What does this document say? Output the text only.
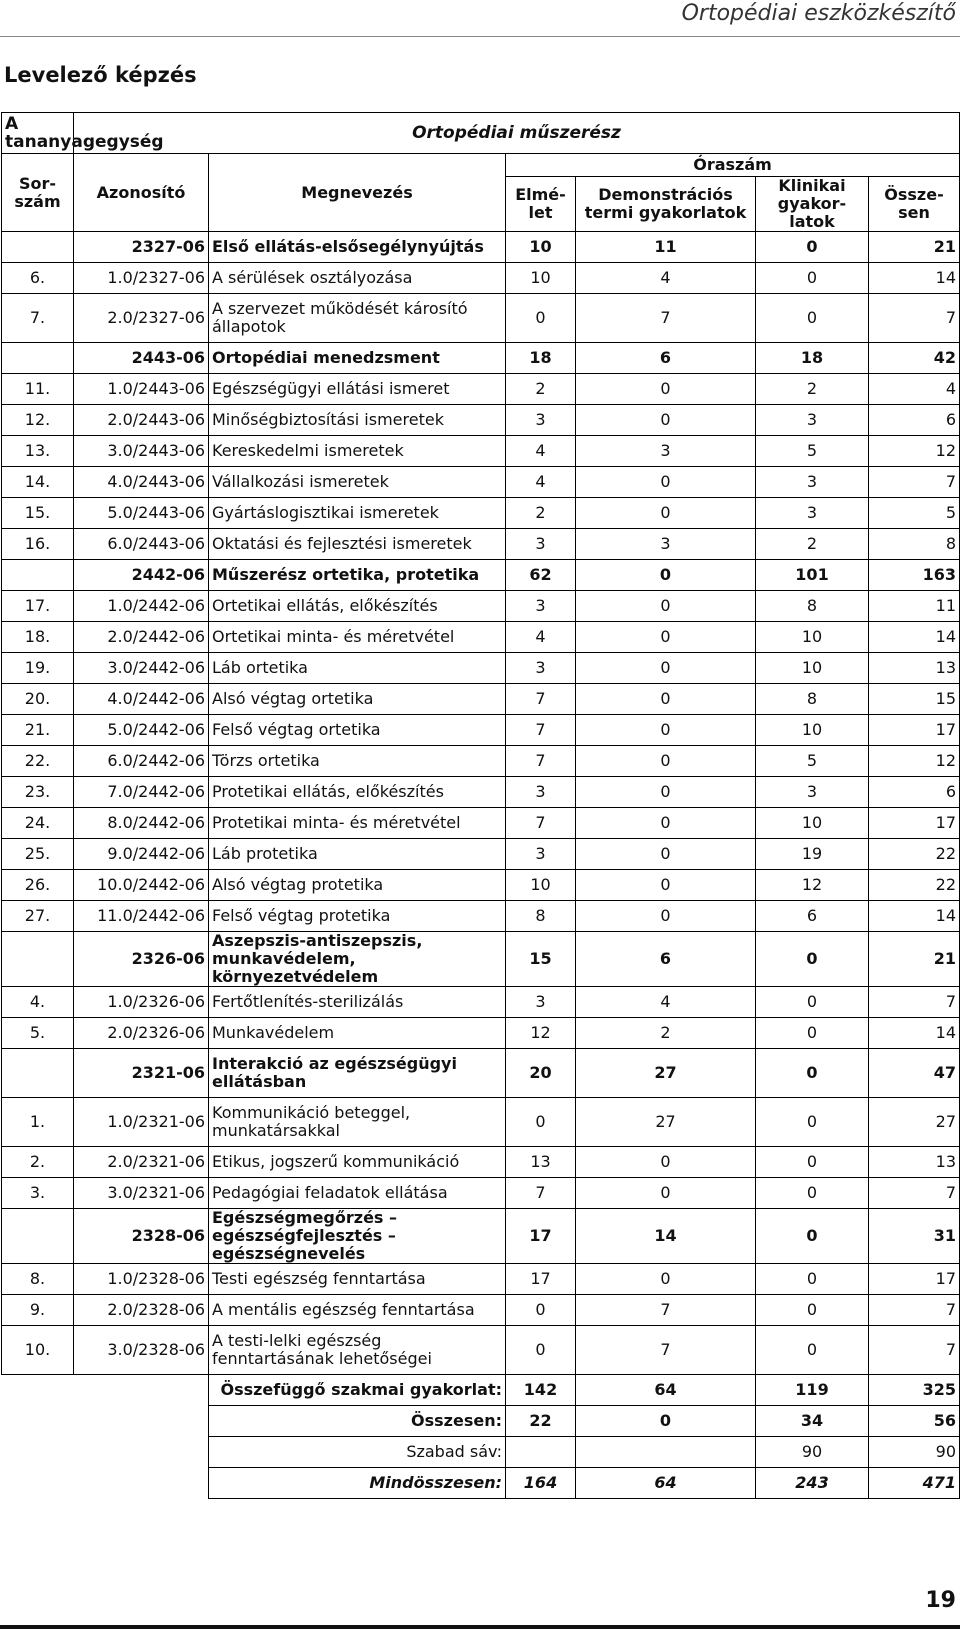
Ortopédiai eszközkészítő
Levelező képzés
A tananyagegység	Ortopédiai műszerész					
Sor-szám	Azonosító	Megnevezés	Óraszám			
			Elmé-let	Demonstrációs termi gyakorlatok	Klinikai gyakor-latok	Össze-sen
	2327-06	Első ellátás-elsősegélynyújtás	10	11	0	21
6.	1.0/2327-06	A sérülések osztályozása	10	4	0	14
7.	2.0/2327-06	A szervezet működését károsító állapotok	0	7	0	7
	2443-06	Ortopédiai menedzsment	18	6	18	42
11.	1.0/2443-06	Egészségügyi ellátási ismeret	2	0	2	4
12.	2.0/2443-06	Minőségbiztosítási ismeretek	3	0	3	6
13.	3.0/2443-06	Kereskedelmi ismeretek	4	3	5	12
14.	4.0/2443-06	Vállalkozási ismeretek	4	0	3	7
15.	5.0/2443-06	Gyártáslogisztikai ismeretek	2	0	3	5
16.	6.0/2443-06	Oktatási és fejlesztési ismeretek	3	3	2	8
	2442-06	Műszerész ortetika, protetika	62	0	101	163
17.	1.0/2442-06	Ortetikai ellátás, előkészítés	3	0	8	11
18.	2.0/2442-06	Ortetikai minta- és méretvétel	4	0	10	14
19.	3.0/2442-06	Láb ortetika	3	0	10	13
20.	4.0/2442-06	Alsó végtag ortetika	7	0	8	15
21.	5.0/2442-06	Felső végtag ortetika	7	0	10	17
22.	6.0/2442-06	Törzs ortetika	7	0	5	12
23.	7.0/2442-06	Protetikai ellátás, előkészítés	3	0	3	6
24.	8.0/2442-06	Protetikai minta- és méretvétel	7	0	10	17
25.	9.0/2442-06	Láb protetika	3	0	19	22
26.	10.0/2442-06	Alsó végtag protetika	10	0	12	22
27.	11.0/2442-06	Felső végtag protetika	8	0	6	14
	2326-06	Aszepszis-antiszepszis, munkavédelem, környezetvédelem	15	6	0	21
4.	1.0/2326-06	Fertőtlenítés-sterilizálás	3	4	0	7
5.	2.0/2326-06	Munkavédelem	12	2	0	14
	2321-06	Interakció az egészségügyi ellátásban	20	27	0	47
1.	1.0/2321-06	Kommunikáció beteggel, munkatársakkal	0	27	0	27
2.	2.0/2321-06	Etikus, jogszerű kommunikáció	13	0	0	13
3.	3.0/2321-06	Pedagógiai feladatok ellátása	7	0	0	7
	2328-06	Egészségmegőrzés – egészségfejlesztés – egészségnevelés	17	14	0	31
8.	1.0/2328-06	Testi egészség fenntartása	17	0	0	17
9.	2.0/2328-06	A mentális egészség fenntartása	0	7	0	7
10.	3.0/2328-06	A testi-lelki egészség fenntartásának lehetőségei	0	7	0	7
		Összefüggő szakmai gyakorlat:	142	64	119	325
		Összesen:	22	0	34	56
		Szabad sáv:			90	90
		Mindösszesen:	164	64	243	471
19
